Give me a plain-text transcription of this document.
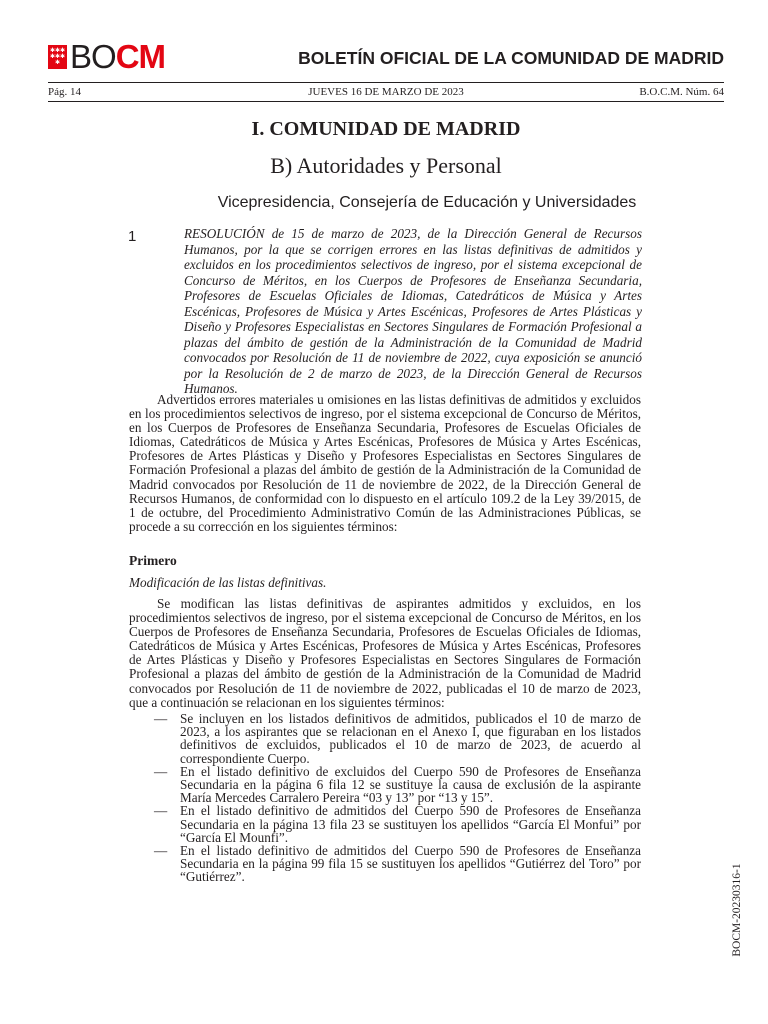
✱ ✱ ✱
✱ ✱ ✱
✱ BOCM	BOLETÍN OFICIAL DE LA COMUNIDAD DE MADRID
Pág. 14	JUEVES 16 DE MARZO DE 2023	B.O.C.M. Núm. 64
I. COMUNIDAD DE MADRID
B) Autoridades y Personal
Vicepresidencia, Consejería de Educación y Universidades
1	RESOLUCIÓN de 15 de marzo de 2023, de la Dirección General de Recursos Humanos, por la que se corrigen errores en las listas definitivas de admitidos y excluidos en los procedimientos selectivos de ingreso, por el sistema excepcional de Concurso de Méritos, en los Cuerpos de Profesores de Enseñanza Secundaria, Profesores de Escuelas Oficiales de Idiomas, Catedráticos de Música y Artes Escénicas, Profesores de Música y Artes Escénicas, Profesores de Artes Plásticas y Diseño y Profesores Especialistas en Sectores Singulares de Formación Profesional a plazas del ámbito de gestión de la Administración de la Comunidad de Madrid convocados por Resolución de 11 de noviembre de 2022, cuya exposición se anunció por la Resolución de 2 de marzo de 2023, de la Dirección General de Recursos Humanos.

Advertidos errores materiales u omisiones en las listas definitivas de admitidos y excluidos en los procedimientos selectivos de ingreso, por el sistema excepcional de Concurso de Méritos, en los Cuerpos de Profesores de Enseñanza Secundaria, Profesores de Escuelas Oficiales de Idiomas, Catedráticos de Música y Artes Escénicas, Profesores de Música y Artes Escénicas, Profesores de Artes Plásticas y Diseño y Profesores Especialistas en Sectores Singulares de Formación Profesional a plazas del ámbito de gestión de la Administración de la Comunidad de Madrid convocados por Resolución de 11 de noviembre de 2022, de la Dirección General de Recursos Humanos, de conformidad con lo dispuesto en el artículo 109.2 de la Ley 39/2015, de 1 de octubre, del Procedimiento Administrativo Común de las Administraciones Públicas, se procede a su corrección en los siguientes términos:

Primero
Modificación de las listas definitivas.

Se modifican las listas definitivas de aspirantes admitidos y excluidos, en los procedimientos selectivos de ingreso, por el sistema excepcional de Concurso de Méritos, en los Cuerpos de Profesores de Enseñanza Secundaria, Profesores de Escuelas Oficiales de Idiomas, Catedráticos de Música y Artes Escénicas, Profesores de Música y Artes Escénicas, Profesores de Artes Plásticas y Diseño y Profesores Especialistas en Sectores Singulares de Formación Profesional a plazas del ámbito de gestión de la Administración de la Comunidad de Madrid convocados por Resolución de 11 de noviembre de 2022, publicadas el 10 de marzo de 2023, que a continuación se relacionan en los siguientes términos:

— Se incluyen en los listados definitivos de admitidos, publicados el 10 de marzo de 2023, a los aspirantes que se relacionan en el Anexo I, que figuraban en los listados definitivos de excluidos, publicados el 10 de marzo de 2023, de acuerdo al correspondiente Cuerpo.
— En el listado definitivo de excluidos del Cuerpo 590 de Profesores de Enseñanza Secundaria en la página 6 fila 12 se sustituye la causa de exclusión de la aspirante María Mercedes Carralero Pereira “03 y 13” por “13 y 15”.
— En el listado definitivo de admitidos del Cuerpo 590 de Profesores de Enseñanza Secundaria en la página 13 fila 23 se sustituyen los apellidos “García El Monfui” por “García El Mounfi”.
— En el listado definitivo de admitidos del Cuerpo 590 de Profesores de Enseñanza Secundaria en la página 99 fila 15 se sustituyen los apellidos “Gutiérrez del Toro” por “Gutiérrez”.	BOCM-20230316-1
